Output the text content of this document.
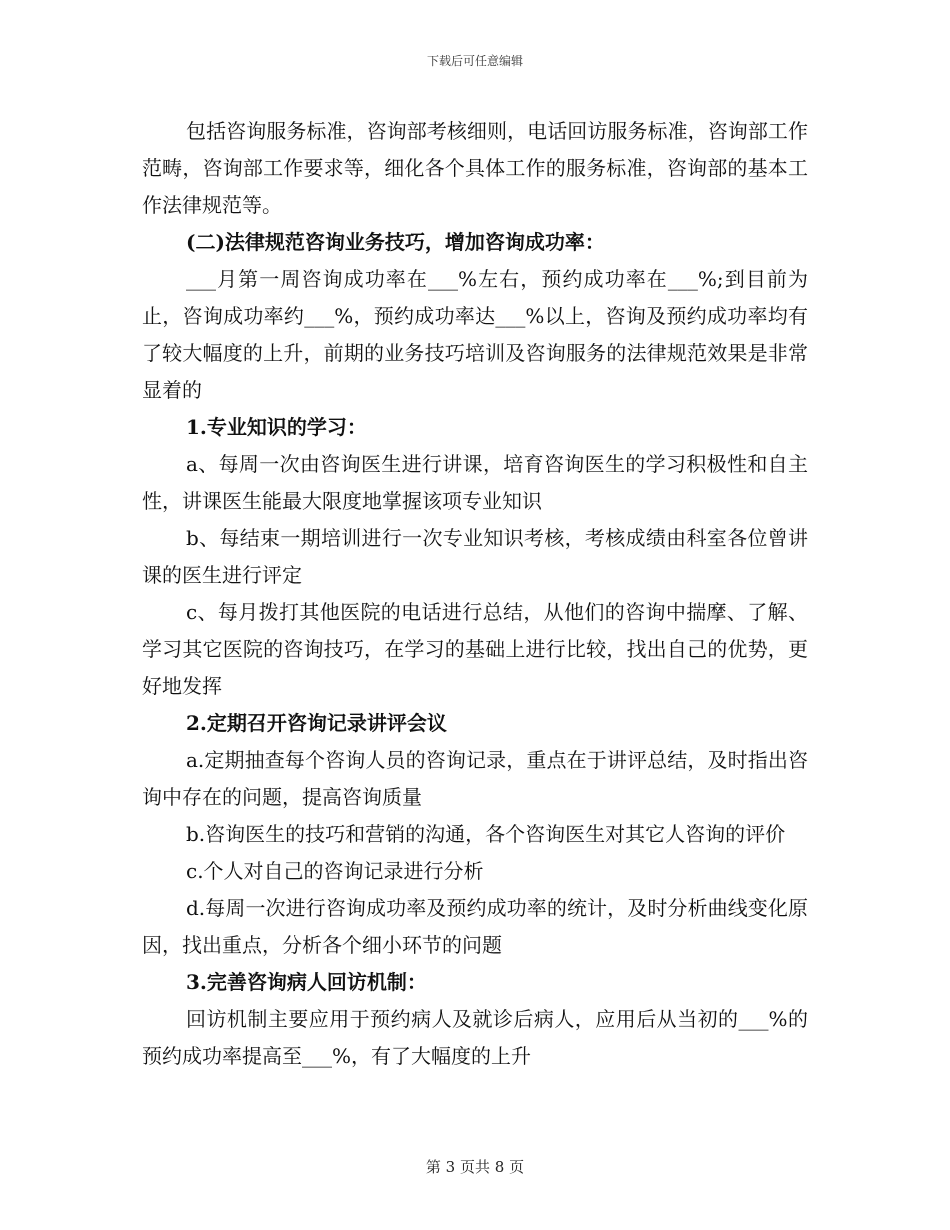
下载后可任意编辑

包括咨询服务标准，咨询部考核细则，电话回访服务标准，咨询部工作范畴，咨询部工作要求等，细化各个具体工作的服务标准，咨询部的基本工作法律规范等。

(二)法律规范咨询业务技巧，增加咨询成功率：

___月第一周咨询成功率在___%左右，预约成功率在___%;到目前为止，咨询成功率约___%，预约成功率达___%以上，咨询及预约成功率均有了较大幅度的上升，前期的业务技巧培训及咨询服务的法律规范效果是非常显着的

1.专业知识的学习：

a、每周一次由咨询医生进行讲课，培育咨询医生的学习积极性和自主性，讲课医生能最大限度地掌握该项专业知识

b、每结束一期培训进行一次专业知识考核，考核成绩由科室各位曾讲课的医生进行评定

c、每月拨打其他医院的电话进行总结，从他们的咨询中揣摩、了解、学习其它医院的咨询技巧，在学习的基础上进行比较，找出自己的优势，更好地发挥

2.定期召开咨询记录讲评会议

a.定期抽查每个咨询人员的咨询记录，重点在于讲评总结，及时指出咨询中存在的问题，提高咨询质量

b.咨询医生的技巧和营销的沟通，各个咨询医生对其它人咨询的评价

c.个人对自己的咨询记录进行分析

d.每周一次进行咨询成功率及预约成功率的统计，及时分析曲线变化原因，找出重点，分析各个细小环节的问题

3.完善咨询病人回访机制：

回访机制主要应用于预约病人及就诊后病人，应用后从当初的___%的预约成功率提高至___%，有了大幅度的上升

第 3 页共 8 页
